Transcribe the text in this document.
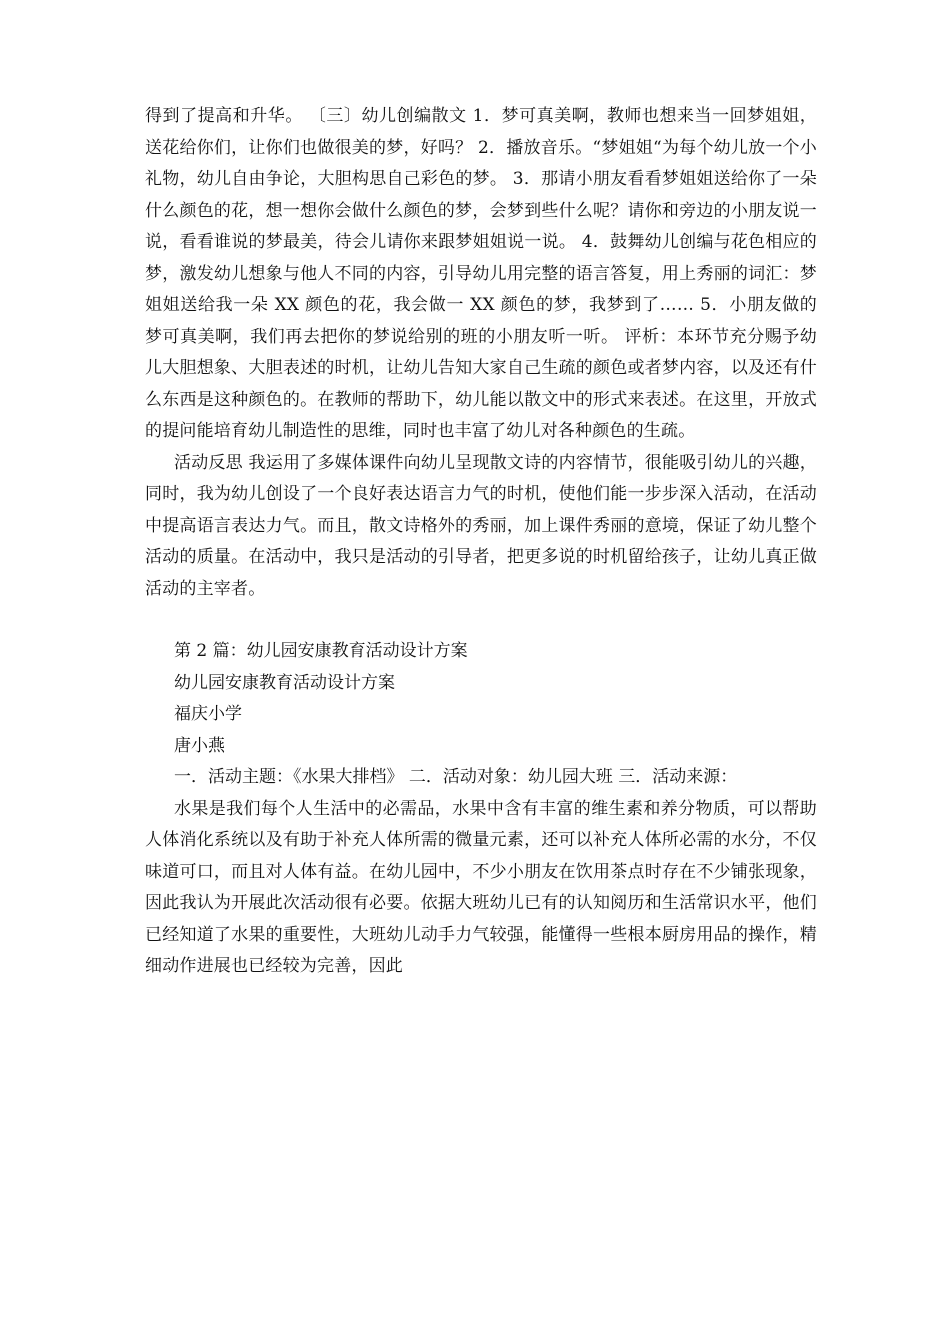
得到了提高和升华。 〔三〕幼儿创编散文 1．梦可真美啊，教师也想来当一回梦姐姐，送花给你们，让你们也做很美的梦，好吗？ 2．播放音乐。“梦姐姐“为每个幼儿放一个小礼物，幼儿自由争论，大胆构思自己彩色的梦。 3．那请小朋友看看梦姐姐送给你了一朵什么颜色的花，想一想你会做什么颜色的梦，会梦到些什么呢？请你和旁边的小朋友说一说，看看谁说的梦最美，待会儿请你来跟梦姐姐说一说。 4．鼓舞幼儿创编与花色相应的梦，激发幼儿想象与他人不同的内容，引导幼儿用完整的语言答复，用上秀丽的词汇：梦姐姐送给我一朵 XX 颜色的花，我会做一 XX 颜色的梦，我梦到了…… 5．小朋友做的梦可真美啊，我们再去把你的梦说给别的班的小朋友听一听。 评析：本环节充分赐予幼儿大胆想象、大胆表述的时机，让幼儿告知大家自己生疏的颜色或者梦内容，以及还有什么东西是这种颜色的。在教师的帮助下，幼儿能以散文中的形式来表述。在这里，开放式的提问能培育幼儿制造性的思维，同时也丰富了幼儿对各种颜色的生疏。

活动反思 我运用了多媒体课件向幼儿呈现散文诗的内容情节，很能吸引幼儿的兴趣，同时，我为幼儿创设了一个良好表达语言力气的时机，使他们能一步步深入活动，在活动中提高语言表达力气。而且，散文诗格外的秀丽，加上课件秀丽的意境，保证了幼儿整个活动的质量。在活动中，我只是活动的引导者，把更多说的时机留给孩子，让幼儿真正做活动的主宰者。

第 2 篇：幼儿园安康教育活动设计方案

幼儿园安康教育活动设计方案

福庆小学

唐小燕

一．活动主题：《水果大排档》 二．活动对象：幼儿园大班 三．活动来源：

水果是我们每个人生活中的必需品，水果中含有丰富的维生素和养分物质，可以帮助人体消化系统以及有助于补充人体所需的微量元素，还可以补充人体所必需的水分，不仅味道可口，而且对人体有益。在幼儿园中，不少小朋友在饮用茶点时存在不少铺张现象，因此我认为开展此次活动很有必要。依据大班幼儿已有的认知阅历和生活常识水平，他们已经知道了水果的重要性，大班幼儿动手力气较强，能懂得一些根本厨房用品的操作，精细动作进展也已经较为完善，因此
